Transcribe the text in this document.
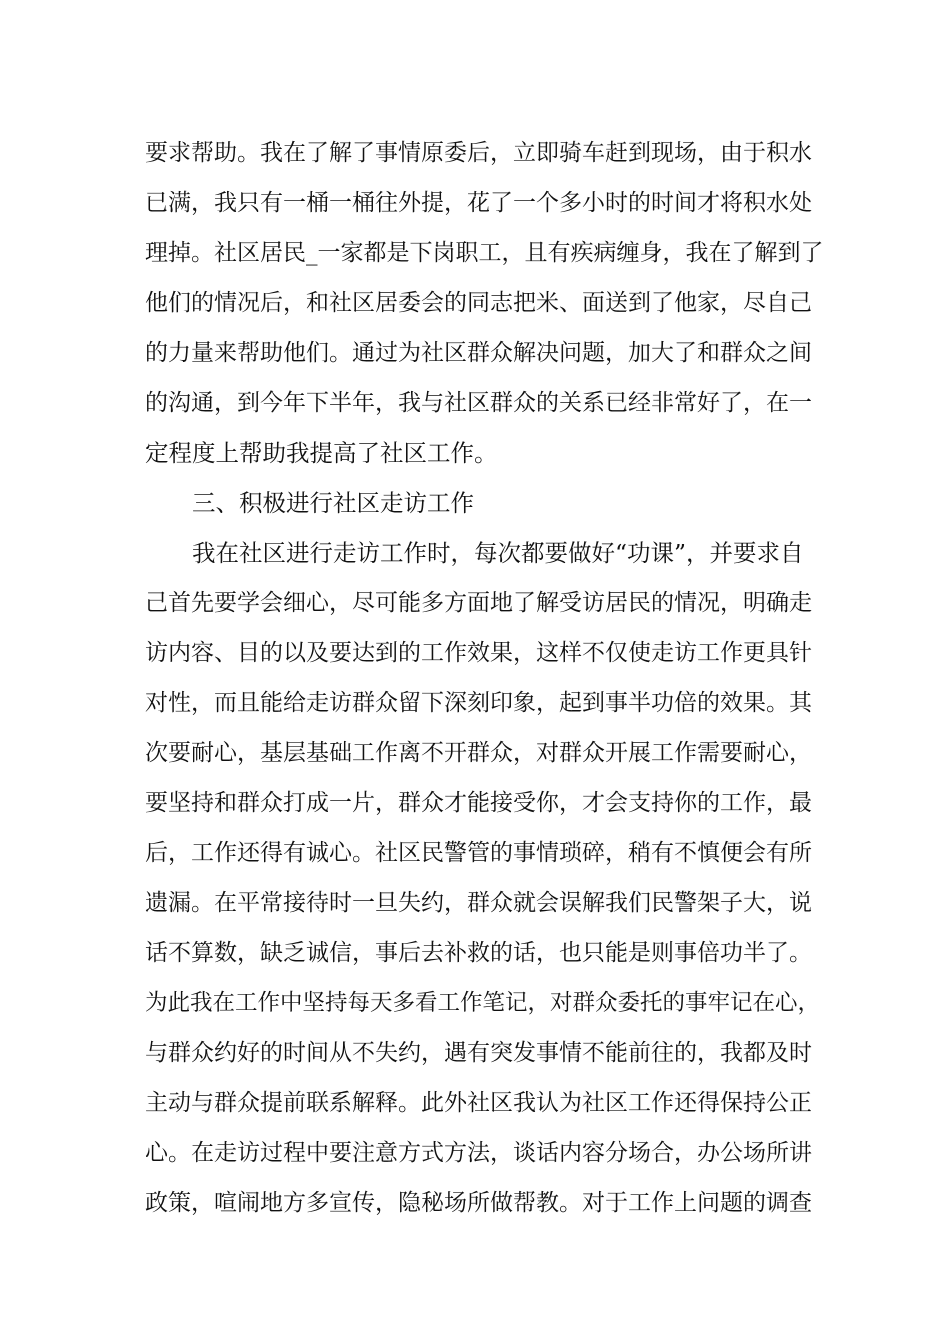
要求帮助。我在了解了事情原委后，立即骑车赶到现场，由于积水
已满，我只有一桶一桶往外提，花了一个多小时的时间才将积水处
理掉。社区居民_一家都是下岗职工，且有疾病缠身，我在了解到了
他们的情况后，和社区居委会的同志把米、面送到了他家，尽自己
的力量来帮助他们。通过为社区群众解决问题，加大了和群众之间
的沟通，到今年下半年，我与社区群众的关系已经非常好了，在一
定程度上帮助我提高了社区工作。
三、积极进行社区走访工作
我在社区进行走访工作时，每次都要做好“功课”，并要求自
己首先要学会细心，尽可能多方面地了解受访居民的情况，明确走
访内容、目的以及要达到的工作效果，这样不仅使走访工作更具针
对性，而且能给走访群众留下深刻印象，起到事半功倍的效果。其
次要耐心，基层基础工作离不开群众，对群众开展工作需要耐心，
要坚持和群众打成一片，群众才能接受你，才会支持你的工作，最
后，工作还得有诚心。社区民警管的事情琐碎，稍有不慎便会有所
遗漏。在平常接待时一旦失约，群众就会误解我们民警架子大，说
话不算数，缺乏诚信，事后去补救的话，也只能是则事倍功半了。
为此我在工作中坚持每天多看工作笔记，对群众委托的事牢记在心，
与群众约好的时间从不失约，遇有突发事情不能前往的，我都及时
主动与群众提前联系解释。此外社区我认为社区工作还得保持公正
心。在走访过程中要注意方式方法，谈话内容分场合，办公场所讲
政策，喧闹地方多宣传，隐秘场所做帮教。对于工作上问题的调查
